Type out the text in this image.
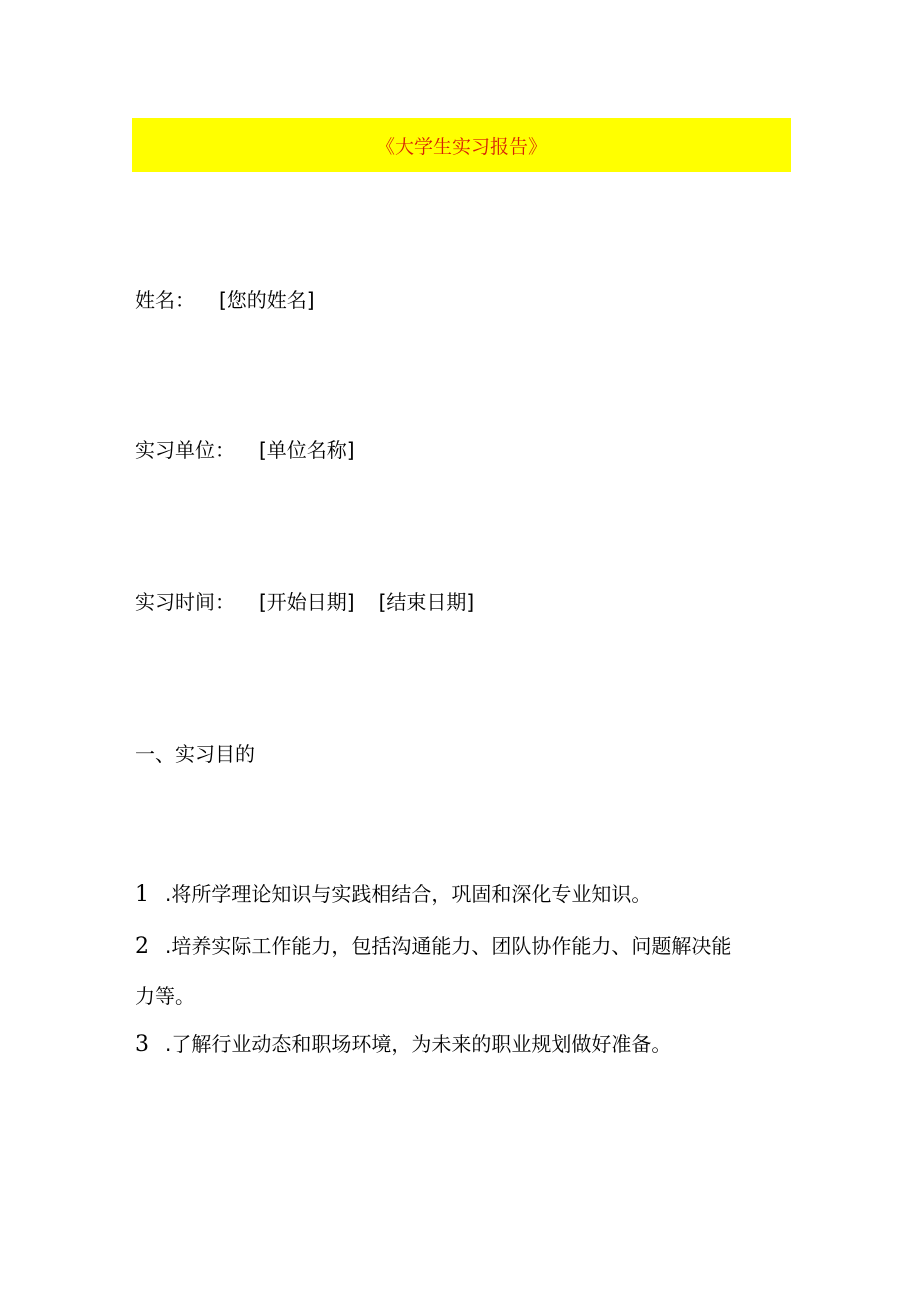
《大学生实习报告》
姓名： [您的姓名]
实习单位： [单位名称]
实习时间： [开始日期] [结束日期]
一、实习目的
1 .将所学理论知识与实践相结合，巩固和深化专业知识。
2 .培养实际工作能力，包括沟通能力、团队协作能力、问题解决能
力等。
3 .了解行业动态和职场环境，为未来的职业规划做好准备。
